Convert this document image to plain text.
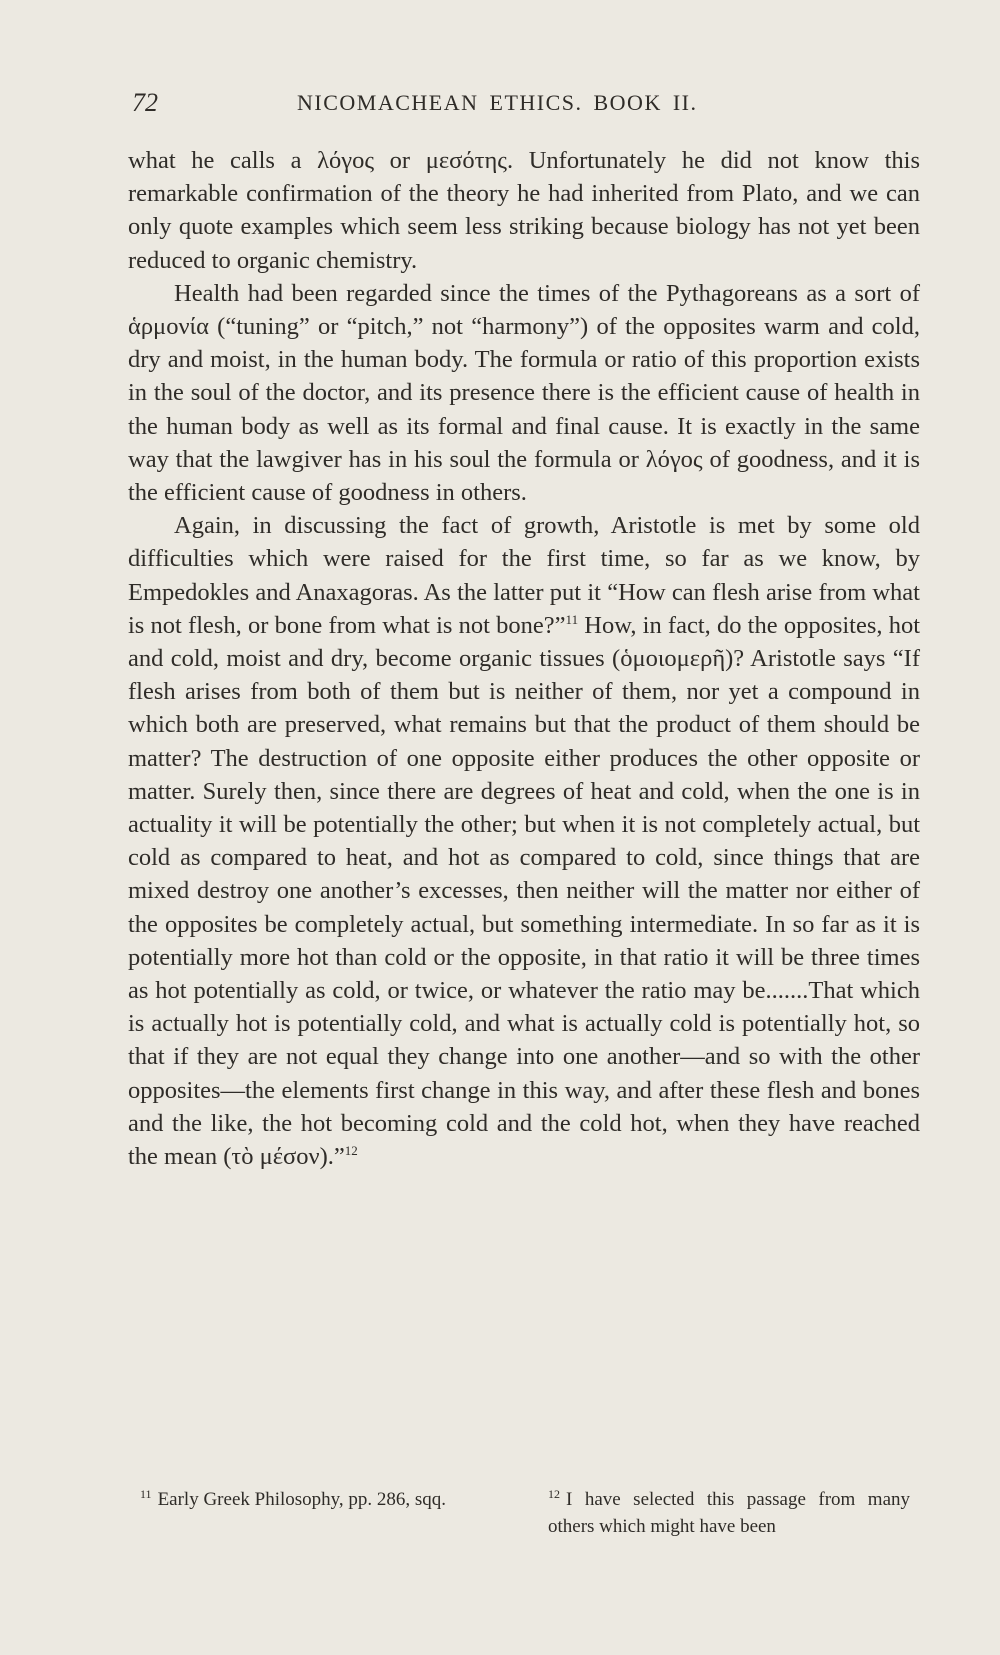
72	NICOMACHEAN ETHICS. BOOK II.

what he calls a λόγος or μεσότης. Unfortunately he did not know this remarkable confirmation of the theory he had inherited from Plato, and we can only quote examples which seem less striking because biology has not yet been reduced to organic chemistry.

Health had been regarded since the times of the Pythagoreans as a sort of ἁρμονία (“tuning” or “pitch,” not “harmony”) of the opposites warm and cold, dry and moist, in the human body. The formula or ratio of this proportion exists in the soul of the doctor, and its presence there is the efficient cause of health in the human body as well as its formal and final cause. It is exactly in the same way that the lawgiver has in his soul the formula or λόγος of goodness, and it is the efficient cause of goodness in others.

Again, in discussing the fact of growth, Aristotle is met by some old difficulties which were raised for the first time, so far as we know, by Empedokles and Anaxagoras. As the latter put it “How can flesh arise from what is not flesh, or bone from what is not bone?”$^{11}$ How, in fact, do the opposites, hot and cold, moist and dry, become organic tissues (ὁμοιομερῆ)? Aristotle says “If flesh arises from both of them but is neither of them, nor yet a compound in which both are preserved, what remains but that the product of them should be matter? The destruction of one opposite either produces the other opposite or matter. Surely then, since there are degrees of heat and cold, when the one is in actuality it will be potentially the other; but when it is not completely actual, but cold as compared to heat, and hot as compared to cold, since things that are mixed destroy one another’s excesses, then neither will the matter nor either of the opposites be completely actual, but something intermediate. In so far as it is potentially more hot than cold or the opposite, in that ratio it will be three times as hot potentially as cold, or twice, or whatever the ratio may be.......That which is actually hot is potentially cold, and what is actually cold is potentially hot, so that if they are not equal they change into one another—and so with the other opposites—the elements first change in this way, and after these flesh and bones and the like, the hot becoming cold and the cold hot, when they have reached the mean (τὸ μέσον).”$^{12}$

$^{11}$ Early Greek Philosophy, pp. 286, sqq.	$^{12}$ I have selected this passage from many others which might have been
